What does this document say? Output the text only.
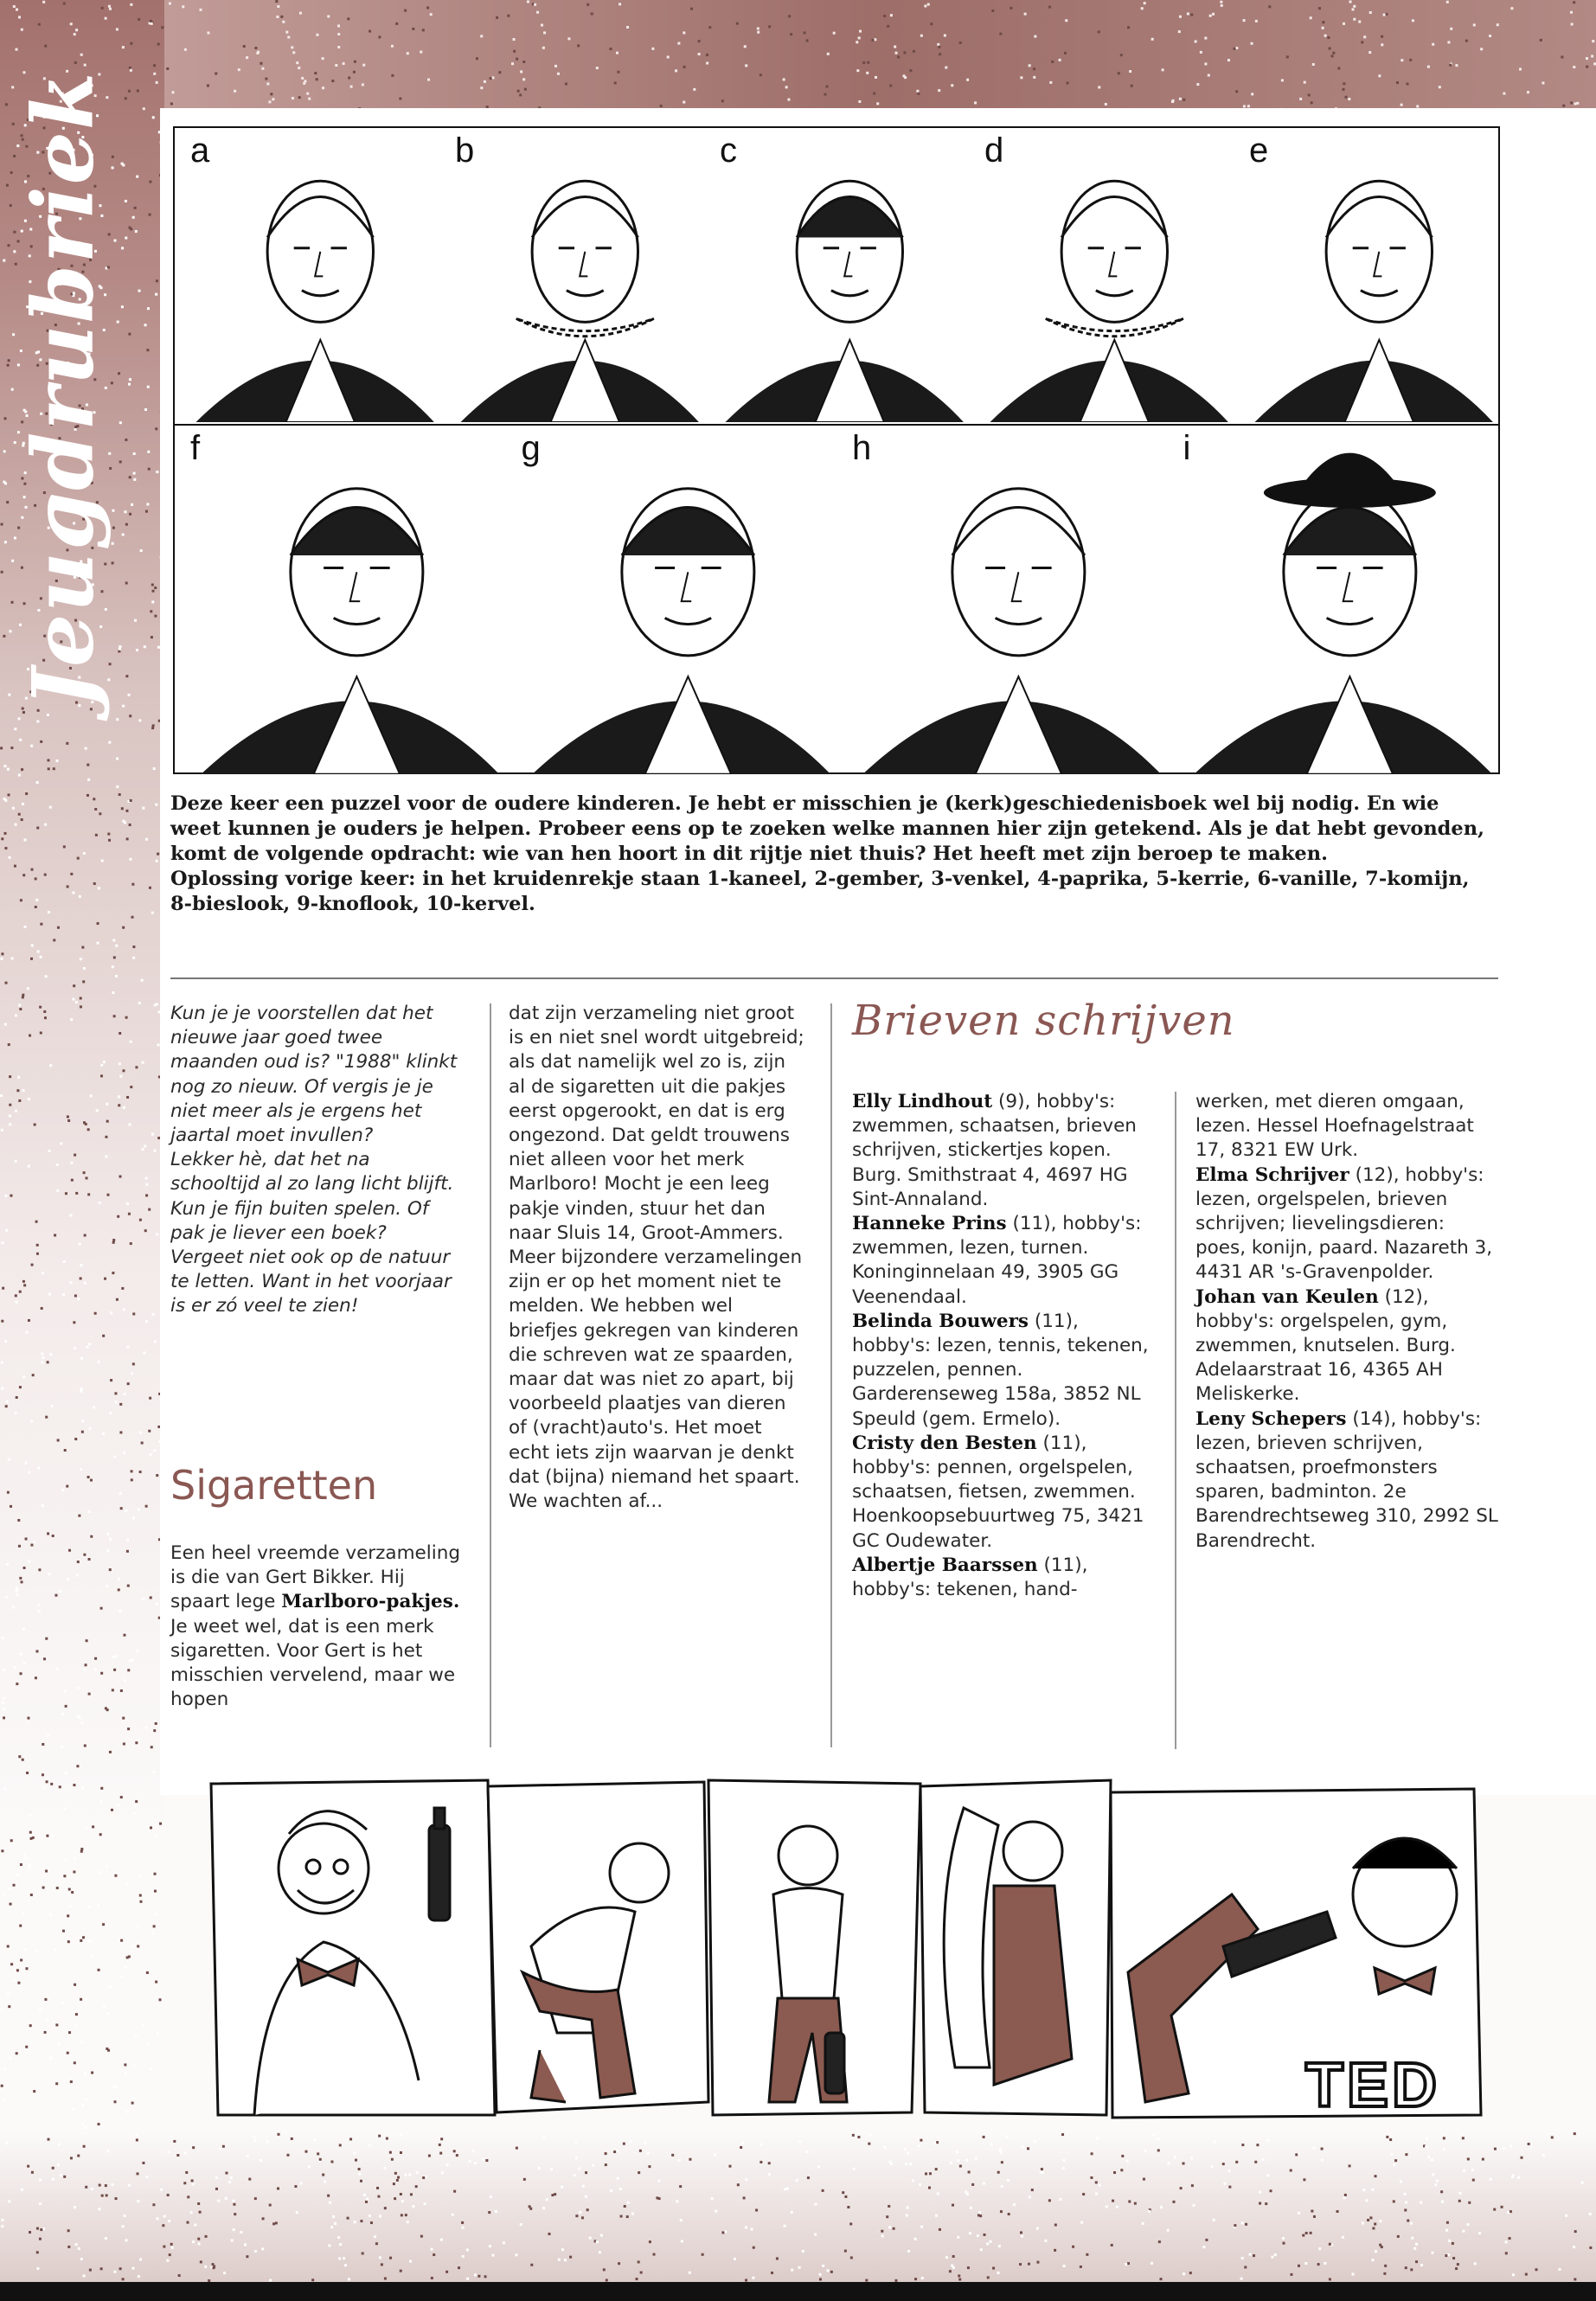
Jeugdrubriek a	b	c	d	e
f	g	h	i

Deze keer een puzzel voor de oudere kinderen. Je hebt er misschien je (kerk)geschiedenisboek wel bij nodig. En wie weet kunnen je ouders je helpen. Probeer eens op te zoeken welke mannen hier zijn getekend. Als je dat hebt gevonden, komt de volgende opdracht: wie van hen hoort in dit rijtje niet thuis? Het heeft met zijn beroep te maken.

Oplossing vorige keer: in het kruidenrekje staan 1-kaneel, 2-gember, 3-venkel, 4-paprika, 5-kerrie, 6-vanille, 7-komijn, 8-bieslook, 9-knoflook, 10-kervel.

Kun je je voorstellen dat het nieuwe jaar goed twee maanden oud is? "1988" klinkt nog zo nieuw. Of vergis je je niet meer als je ergens het jaartal moet invullen?

Lekker hè, dat het na schooltijd al zo lang licht blijft. Kun je fijn buiten spelen. Of pak je liever een boek? Vergeet niet ook op de natuur te letten. Want in het voorjaar is er zó veel te zien!

Sigaretten

Een heel vreemde verzameling is die van Gert Bikker. Hij spaart lege Marlboro-pakjes. Je weet wel, dat is een merk sigaretten. Voor Gert is het misschien vervelend, maar we hopen

dat zijn verzameling niet groot is en niet snel wordt uitgebreid; als dat namelijk wel zo is, zijn al de sigaretten uit die pakjes eerst opgerookt, en dat is erg ongezond. Dat geldt trouwens niet alleen voor het merk Marlboro! Mocht je een leeg pakje vinden, stuur het dan naar Sluis 14, Groot-Ammers.

Meer bijzondere verzamelingen zijn er op het moment niet te melden. We hebben wel briefjes gekregen van kinderen die schreven wat ze spaarden, maar dat was niet zo apart, bij voorbeeld plaatjes van dieren of (vracht)auto's. Het moet echt iets zijn waarvan je denkt dat (bijna) niemand het spaart. We wachten af...

Brieven schrijven

Elly Lindhout (9), hobby's: zwemmen, schaatsen, brieven schrijven, stickertjes kopen. Burg. Smithstraat 4, 4697 HG Sint-Annaland.

Hanneke Prins (11), hobby's: zwemmen, lezen, turnen. Koninginnelaan 49, 3905 GG Veenendaal.

Belinda Bouwers (11), hobby's: lezen, tennis, tekenen, puzzelen, pennen. Garderenseweg 158a, 3852 NL Speuld (gem. Ermelo).

Cristy den Besten (11), hobby's: pennen, orgelspelen, schaatsen, fietsen, zwemmen. Hoenkoopsebuurtweg 75, 3421 GC Oudewater.

Albertje Baarssen (11), hobby's: tekenen, hand-

werken, met dieren omgaan, lezen. Hessel Hoefnagelstraat 17, 8321 EW Urk.

Elma Schrijver (12), hobby's: lezen, orgelspelen, brieven schrijven; lievelingsdieren: poes, konijn, paard. Nazareth 3, 4431 AR 's-Gravenpolder.

Johan van Keulen (12), hobby's: orgelspelen, gym, zwemmen, knutselen. Burg. Adelaarstraat 16, 4365 AH Meliskerke.

Leny Schepers (14), hobby's: lezen, brieven schrijven, schaatsen, proefmonsters sparen, badminton. 2e Barendrechtseweg 310, 2992 SL Barendrecht.

TED
